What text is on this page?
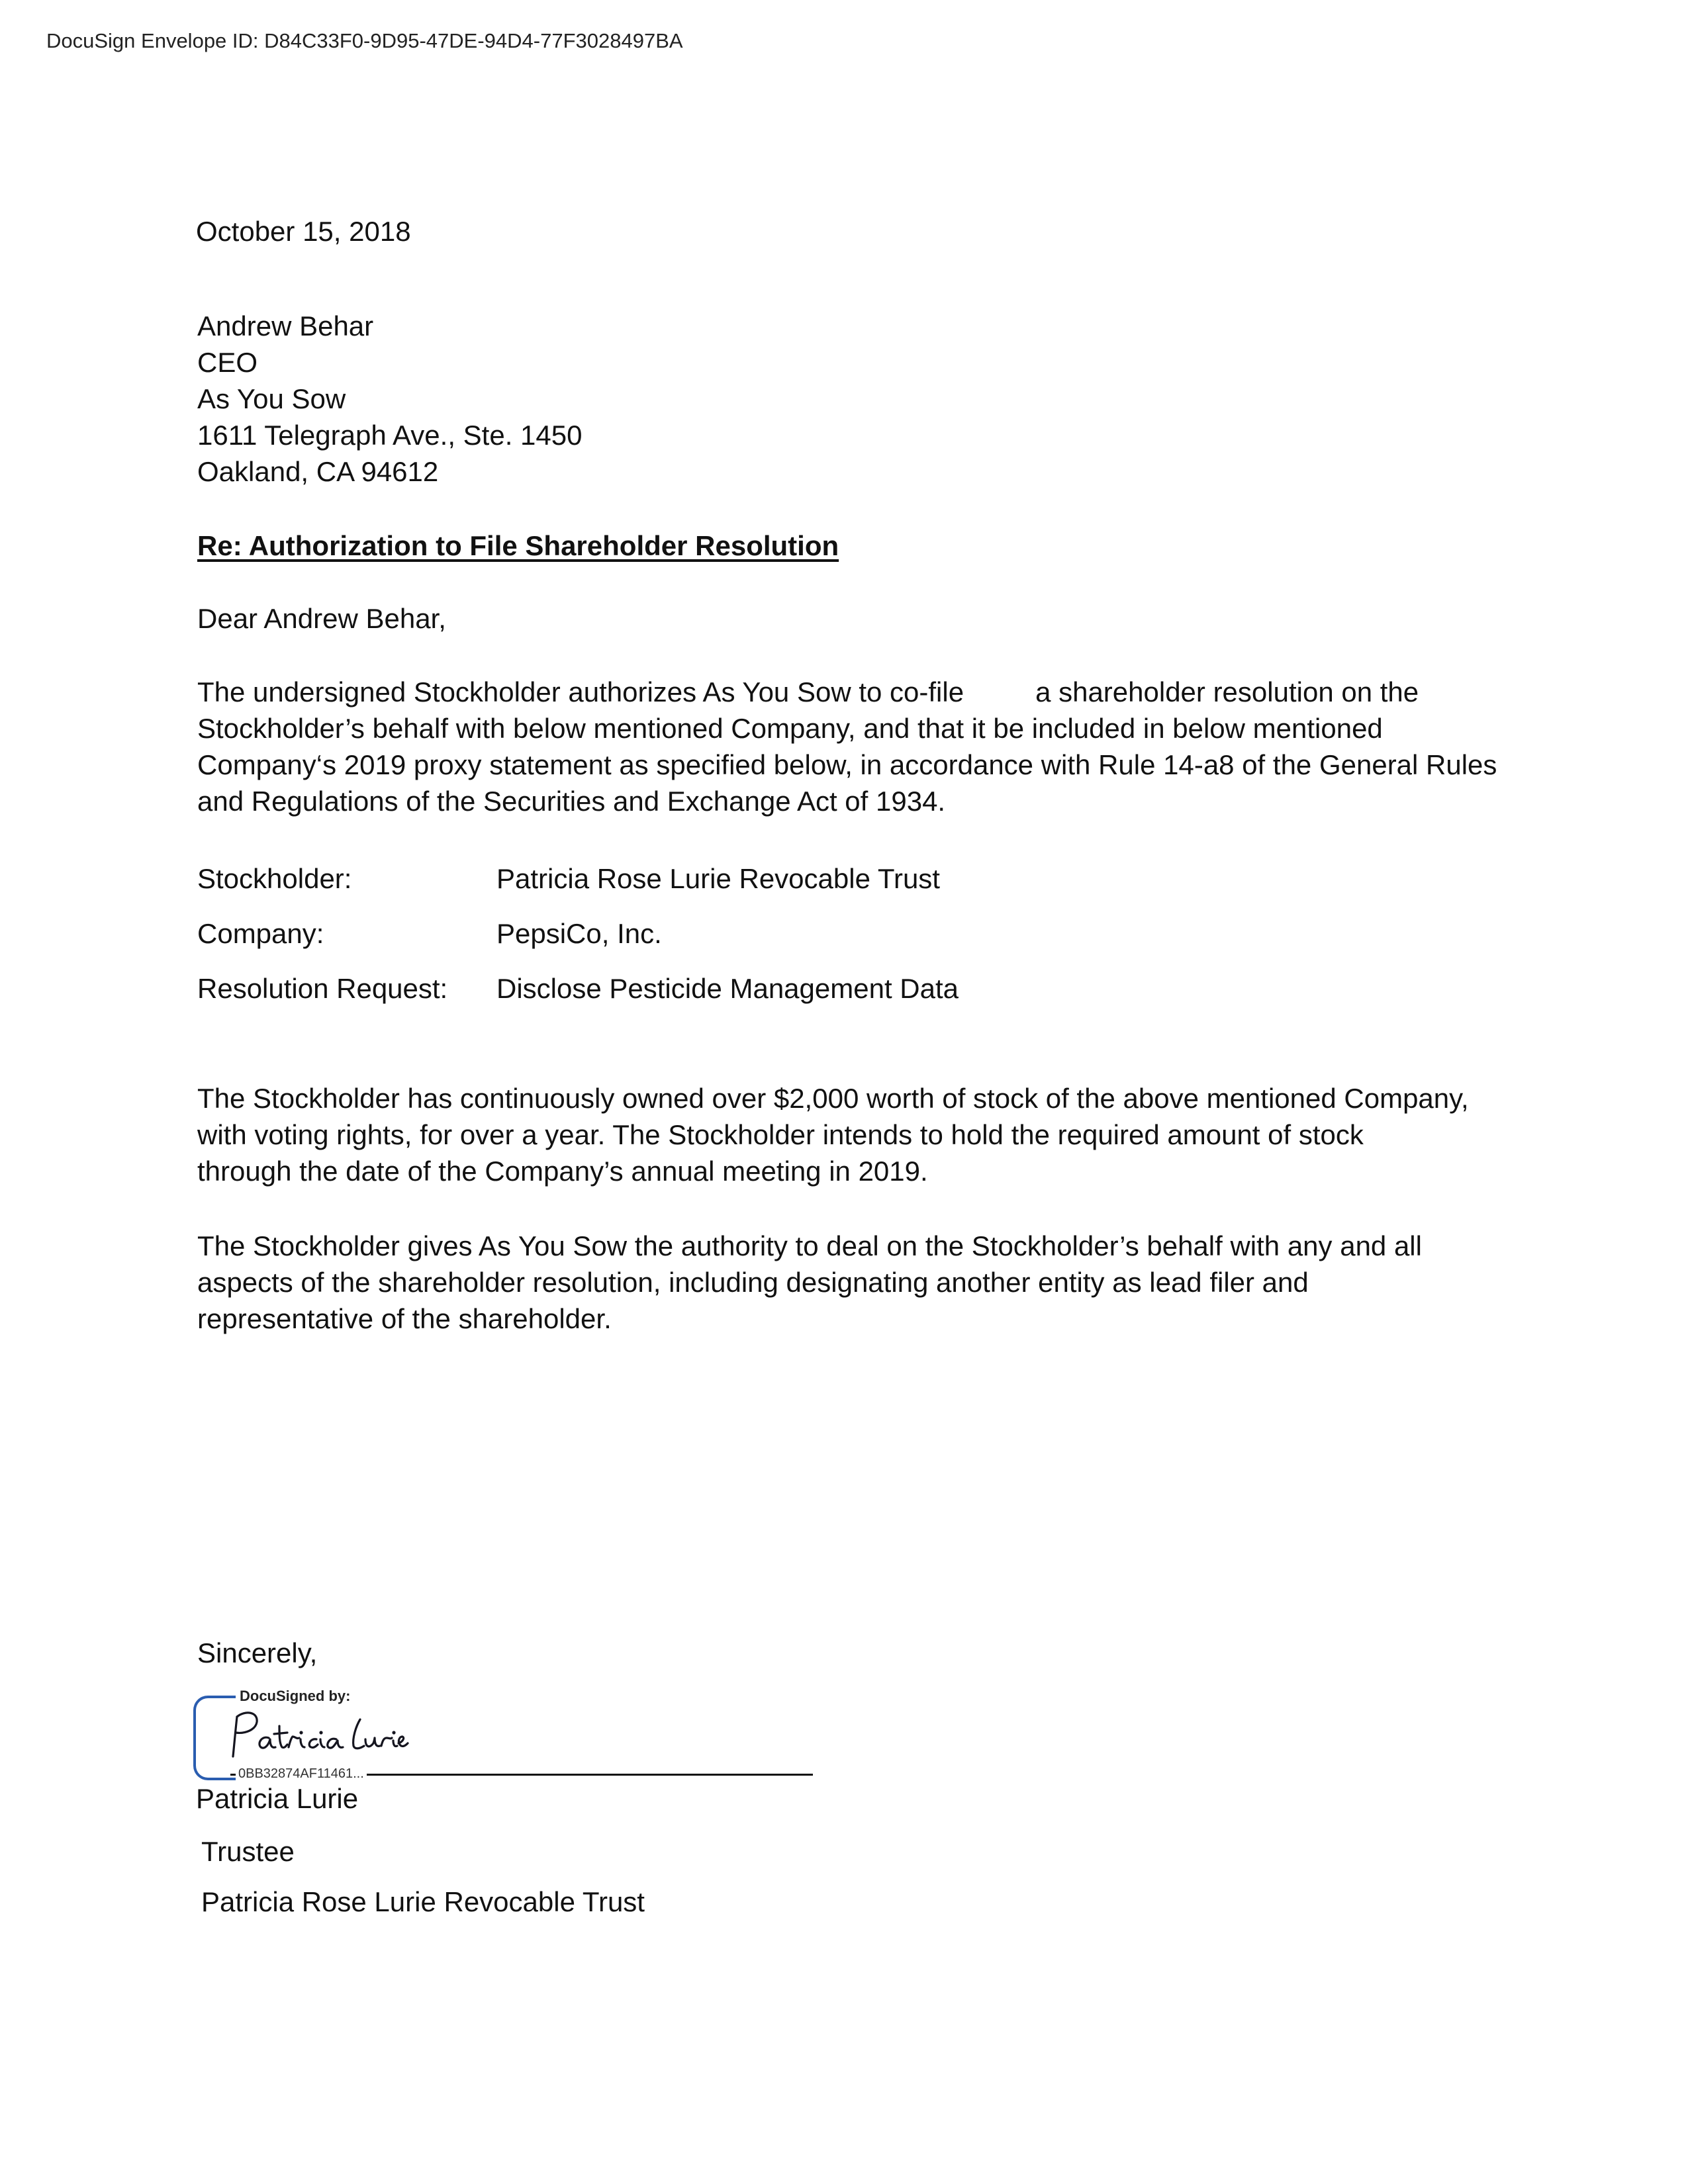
DocuSign Envelope ID: D84C33F0-9D95-47DE-94D4-77F3028497BA
October 15, 2018
Andrew Behar
CEO
As You Sow
1611 Telegraph Ave., Ste. 1450
Oakland, CA 94612
Re: Authorization to File Shareholder Resolution
Dear Andrew Behar,
The undersigned Stockholder authorizes As You Sow to co-file	a shareholder resolution on the
Stockholder’s behalf with below mentioned Company, and that it be included in below mentioned
Company‘s 2019 proxy statement as specified below, in accordance with Rule 14-a8 of the General Rules
and Regulations of the Securities and Exchange Act of 1934.
Stockholder:	Patricia Rose Lurie Revocable Trust
Company:	PepsiCo, Inc.
Resolution Request: Disclose Pesticide Management Data
The Stockholder has continuously owned over $2,000 worth of stock of the above mentioned Company,
with voting rights, for over a year. The Stockholder intends to hold the required amount of stock
through the date of the Company’s annual meeting in 2019.
The Stockholder gives As You Sow the authority to deal on the Stockholder’s behalf with any and all
aspects of the shareholder resolution, including designating another entity as lead filer and
representative of the shareholder.
Sincerely,
Patricia Lurie
Trustee
Patricia Rose Lurie Revocable Trust
DocuSigned by:
0BB32874AF11461...
